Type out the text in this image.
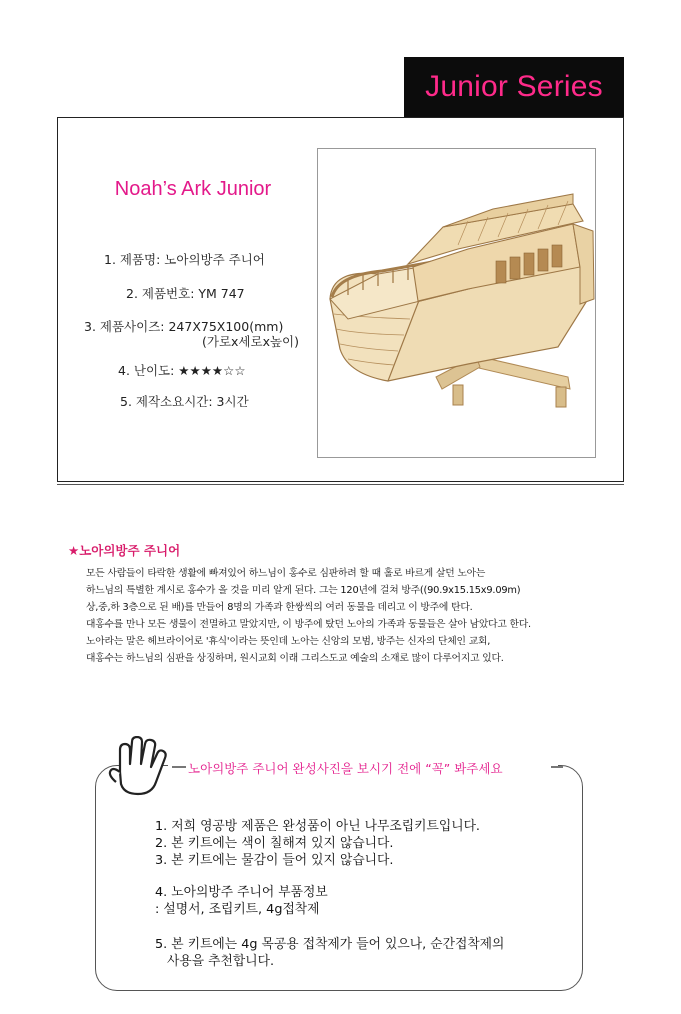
Junior Series
Noah’s Ark Junior
1. 제품명: 노아의방주 주니어
2. 제품번호: YM 747
3. 제품사이즈: 247X75X100(mm)
(가로x세로x높이)
4. 난이도: ★★★★☆☆
5. 제작소요시간: 3시간
★노아의방주 주니어
모든 사람들이 타락한 생활에 빠져있어 하느님이 홍수로 심판하려 할 때 홀로 바르게 살던 노아는
하느님의 특별한 계시로 홍수가 올 것을 미리 알게 된다. 그는 120년에 걸쳐 방주((90.9x15.15x9.09m)
상,중,하 3층으로 된 배)를 만들어 8명의 가족과 한쌍씩의 여러 동물을 데리고 이 방주에 탄다.
대홍수를 만나 모든 생물이 전멸하고 말았지만, 이 방주에 탔던 노아의 가족과 동물들은 살아 남았다고 한다.
노아라는 말은 헤브라이어로 '휴식'이라는 뜻인데 노아는 신앙의 모범, 방주는 신자의 단체인 교회,
대홍수는 하느님의 심판을 상징하며, 원시교회 이래 그리스도교 예술의 소재로 많이 다루어지고 있다.
노아의방주 주니어 완성사진을 보시기 전에 “꼭” 봐주세요
1. 저희 영공방 제품은 완성품이 아닌 나무조립키트입니다.
2. 본 키트에는 색이 칠해져 있지 않습니다.
3. 본 키트에는 물감이 들어 있지 않습니다.
4. 노아의방주 주니어 부품정보
: 설명서, 조립키트, 4g접착제
5. 본 키트에는 4g 목공용 접착제가 들어 있으나, 순간접착제의
사용을 추천합니다.
